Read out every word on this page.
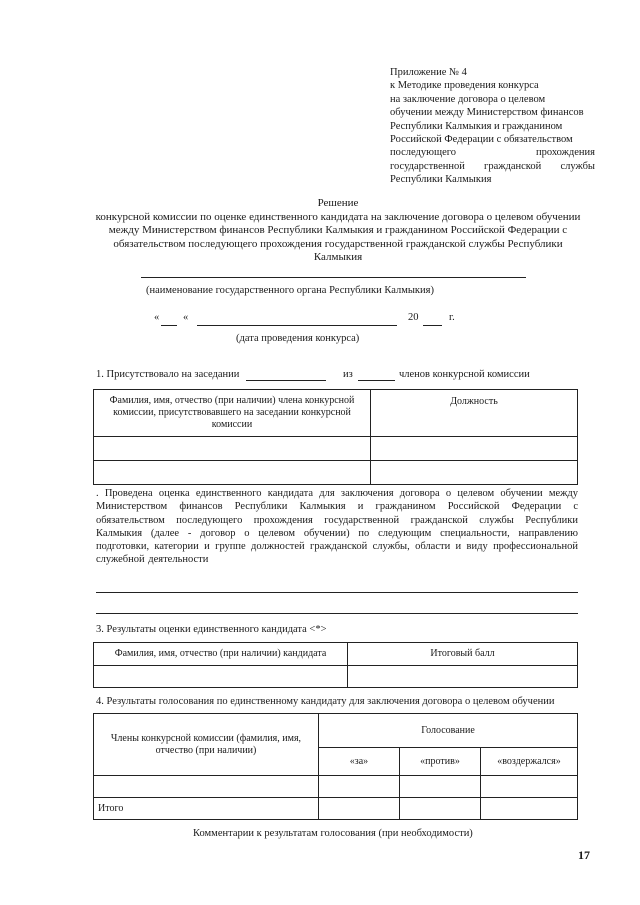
Приложение № 4
к Методике проведения конкурса
на заключение договора о целевом
обучении между Министерством финансов
Республики Калмыкия и гражданином
Российской Федерации с обязательством
последующего прохождения
государственной гражданской службы
Республики Калмыкия
Решение
конкурсной комиссии по оценке единственного кандидата на заключение договора о целевом обучении
между Министерством финансов Республики Калмыкия и гражданином Российской Федерации с
обязательством последующего прохождения государственной гражданской службы Республики Калмыкия
(наименование государственного органа Республики Калмыкия)
« «	20	г.
(дата проведения конкурса)
1. Присутствовало на заседании	из	членов конкурсной комиссии
Фамилия, имя, отчество (при наличии) члена конкурсной комиссии, присутствовавшего на заседании конкурсной комиссии	Должность

. Проведена оценка единственного кандидата для заключения договора о целевом обучении между Министерством финансов Республики Калмыкия и гражданином Российской Федерации с обязательством последующего прохождения государственной гражданской службы Республики Калмыкия (далее - договор о целевом обучении) по следующим специальности, направлению подготовки, категории и группе должностей гражданской службы, области и виду профессиональной служебной деятельности
3. Результаты оценки единственного кандидата <*>
Фамилия, имя, отчество (при наличии) кандидата	Итоговый балл

4. Результаты голосования по единственному кандидату для заключения договора о целевом обучении
Члены конкурсной комиссии (фамилия, имя, отчество (при наличии)	Голосование		
	«за»	«против»	«воздержался»

Итого			
Комментарии к результатам голосования (при необходимости)
17
